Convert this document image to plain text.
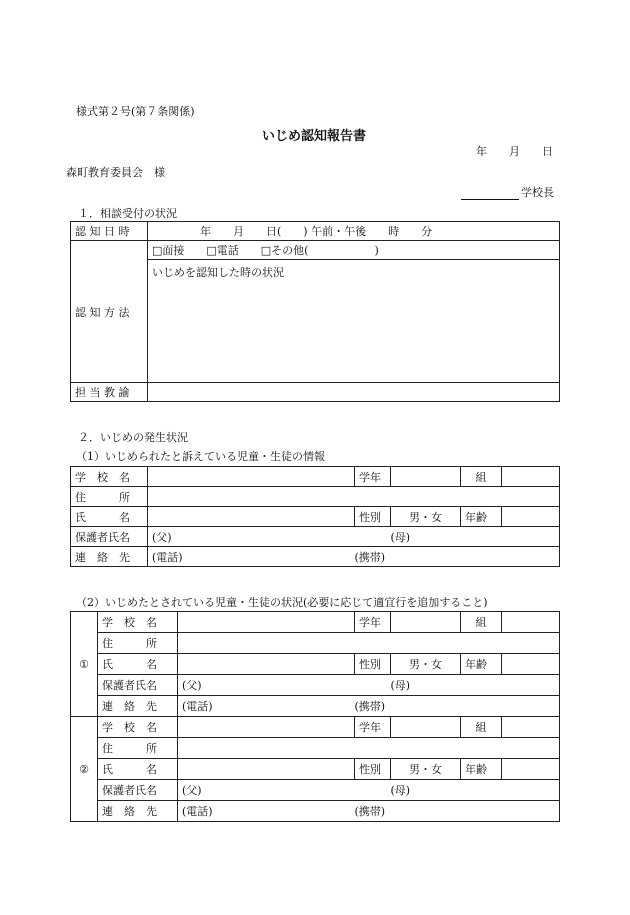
様式第２号(第７条関係)
いじめ認知報告書
年　　月　　日
森町教育委員会　様
学校長
１．相談受付の状況
認 知 日 時	年　　月　　日(　　) 午前・午後　　時　　分
認 知 方 法	□面接　　□電話　　□その他(　　　　　　)
	いじめを認知した時の状況
担 当 教 諭	
２．いじめの発生状況
（1）いじめられたと訴えている児童・生徒の情報
学　校　名		学年		組	
住　　　所					
氏　　　名		性別	男・女	年齢	
保護者氏名	(父)		(母)		
連　絡　先	(電話)		(携帯)		
（2）いじめたとされている児童・生徒の状況(必要に応じて適宜行を追加すること)
①	学　校　名		学年		組	
	住　　　所					
	氏　　　名		性別	男・女	年齢	
	保護者氏名	(父)		(母)		
	連　絡　先	(電話)		(携帯)		
②	学　校　名		学年		組	
	住　　　所					
	氏　　　名		性別	男・女	年齢	
	保護者氏名	(父)		(母)		
	連　絡　先	(電話)		(携帯)		
